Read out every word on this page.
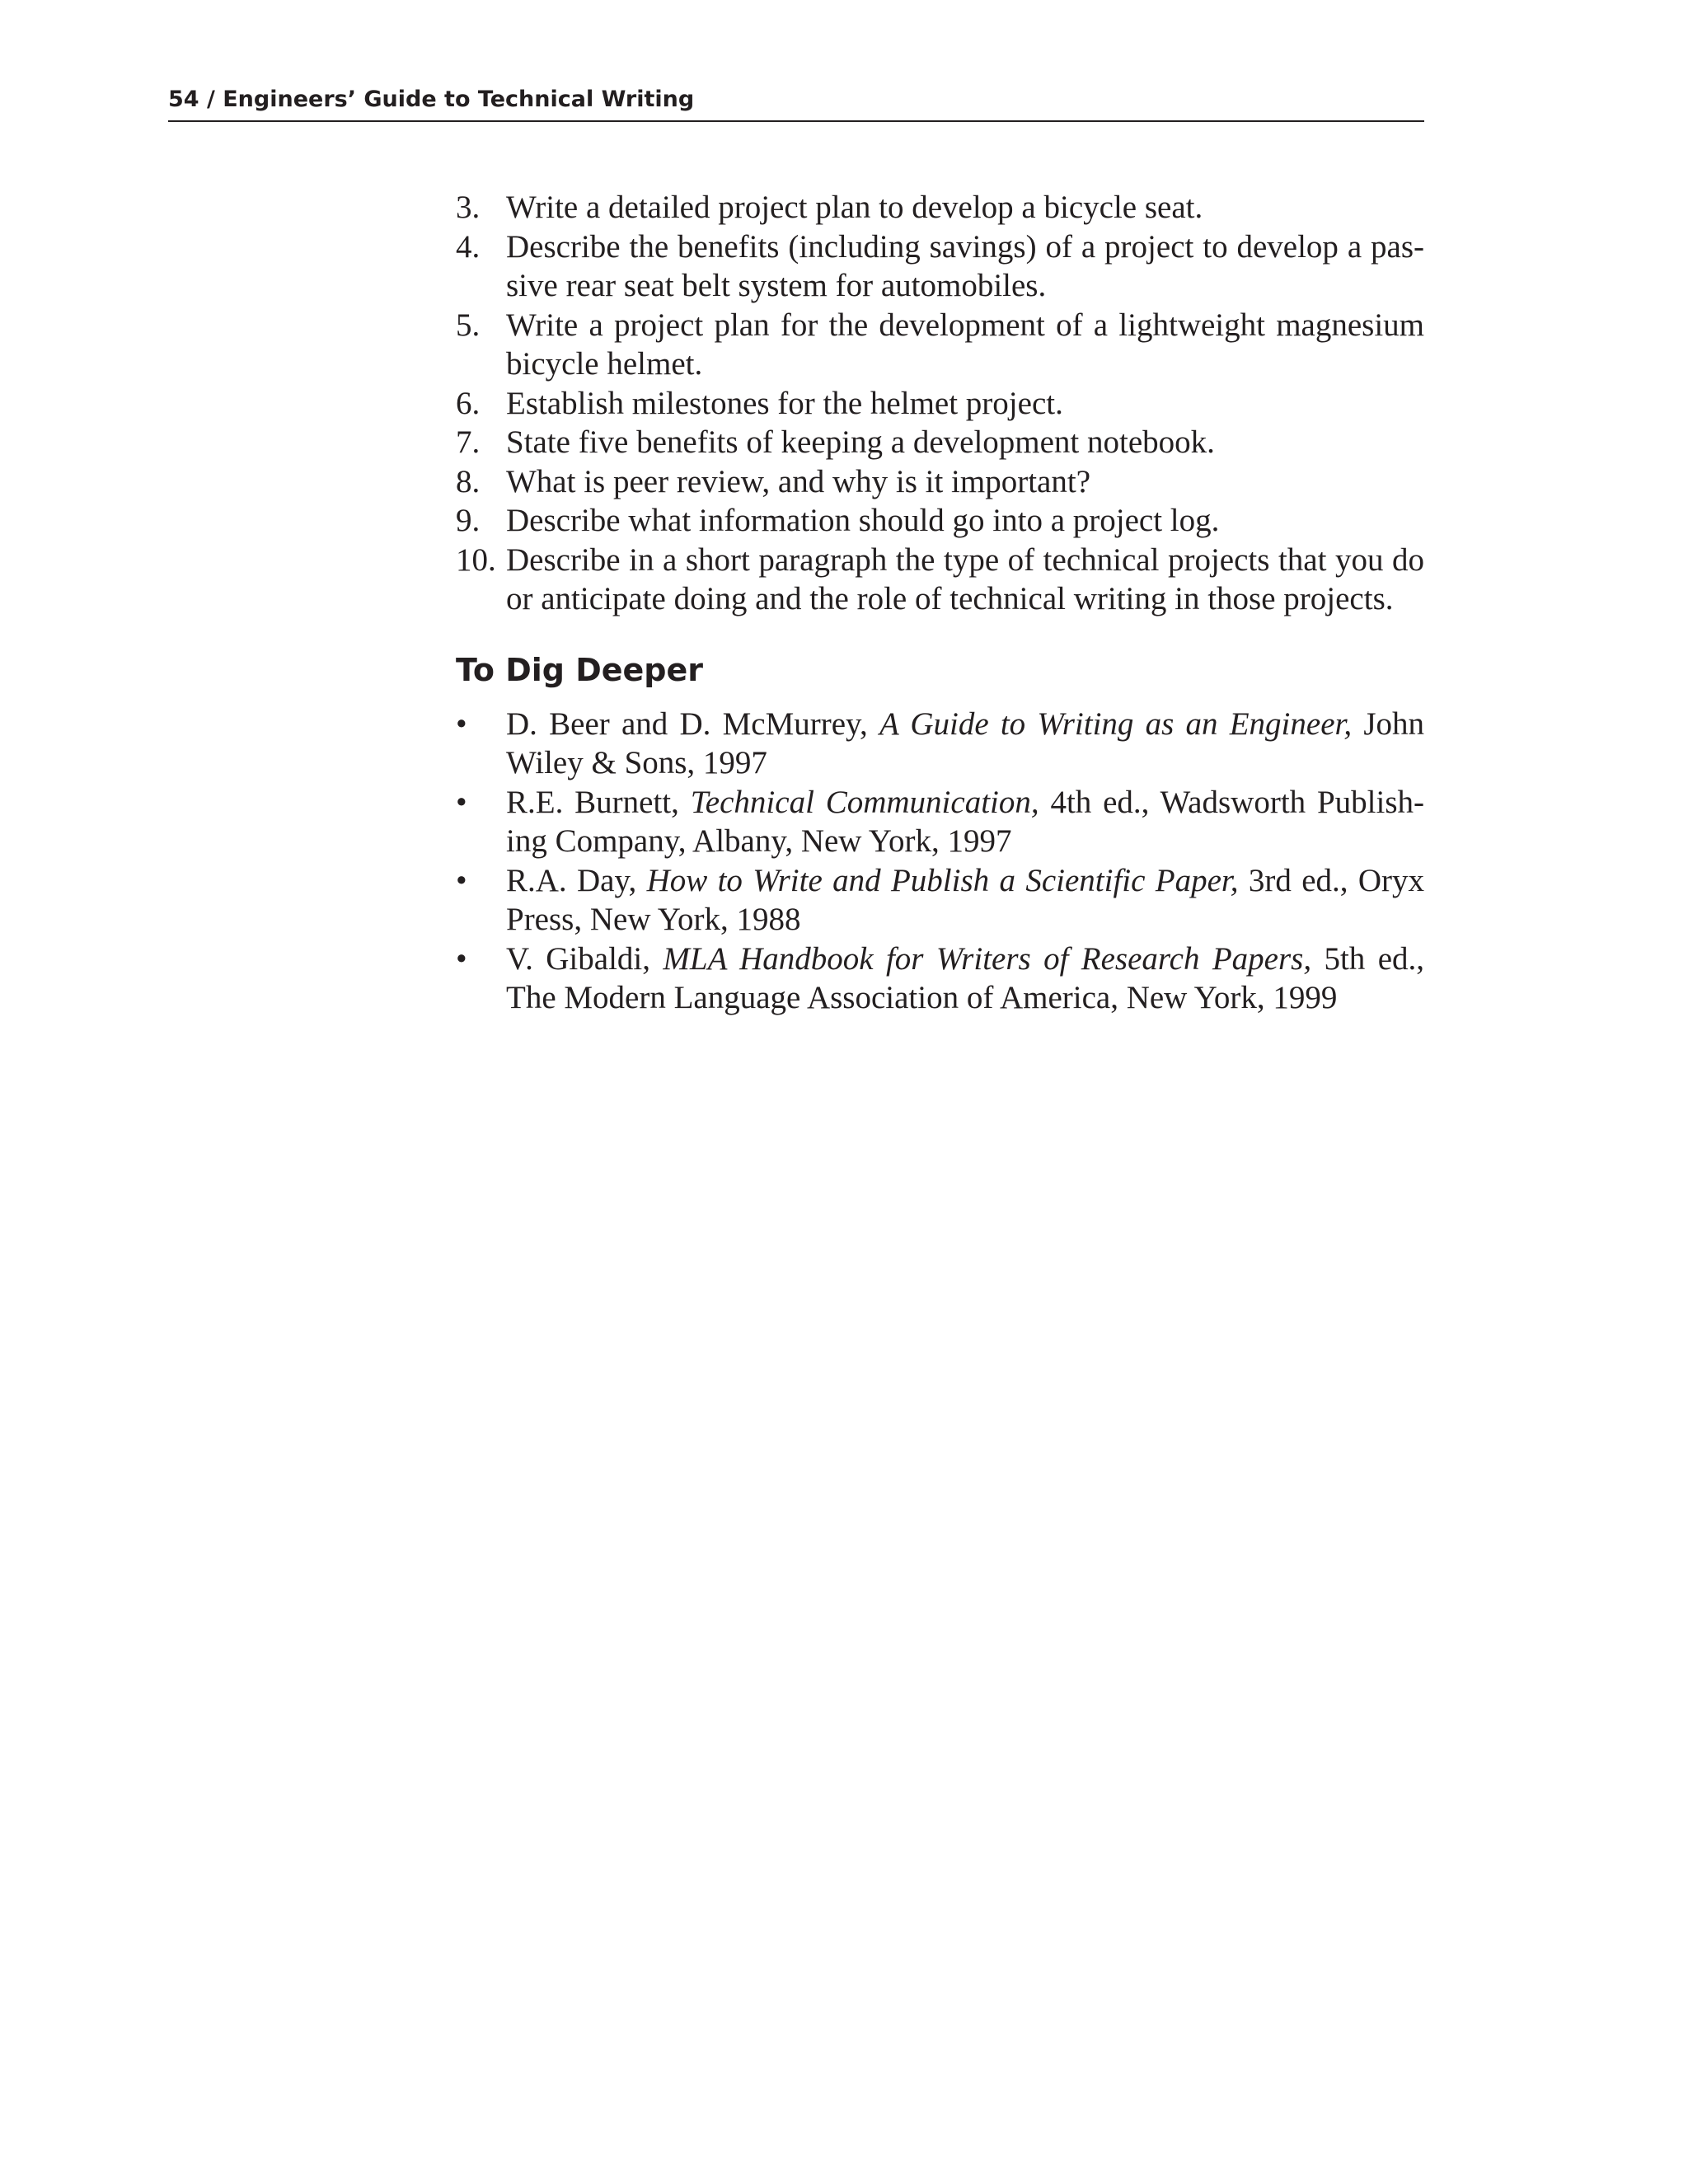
54 / Engineers’ Guide to Technical Writing
3. Write a detailed project plan to develop a bicycle seat.
4. Describe the benefits (including savings) of a project to develop a pas-sive rear seat belt system for automobiles.
5. Write a project plan for the development of a lightweight magnesium bicycle helmet.
6. Establish milestones for the helmet project.
7. State five benefits of keeping a development notebook.
8. What is peer review, and why is it important?
9. Describe what information should go into a project log.
10. Describe in a short paragraph the type of technical projects that you do or anticipate doing and the role of technical writing in those projects.
To Dig Deeper
• D. Beer and D. McMurrey, A Guide to Writing as an Engineer, John Wiley & Sons, 1997
• R.E. Burnett, Technical Communication, 4th ed., Wadsworth Publish-ing Company, Albany, New York, 1997
• R.A. Day, How to Write and Publish a Scientific Paper, 3rd ed., Oryx Press, New York, 1988
• V. Gibaldi, MLA Handbook for Writers of Research Papers, 5th ed., The Modern Language Association of America, New York, 1999
